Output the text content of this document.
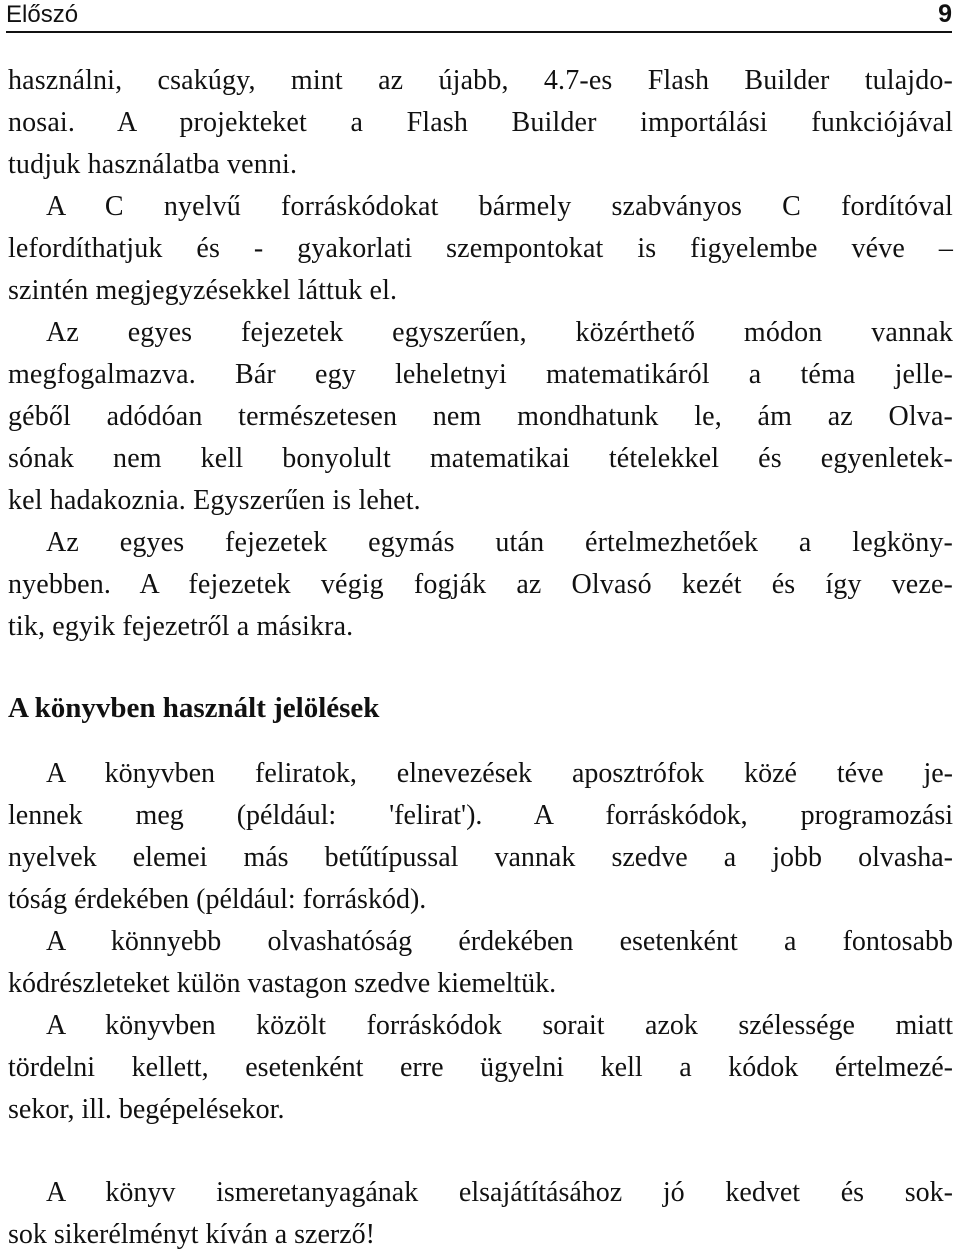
Előszó	9

használni, csakúgy, mint az újabb, 4.7-es Flash Builder tulajdo-
nosai. A projekteket a Flash Builder importálási funkciójával
tudjuk használatba venni.

A C nyelvű forráskódokat bármely szabványos C fordítóval
lefordíthatjuk és - gyakorlati szempontokat is figyelembe véve –
szintén megjegyzésekkel láttuk el.

Az egyes fejezetek egyszerűen, közérthető módon vannak
megfogalmazva. Bár egy leheletnyi matematikáról a téma jelle-
géből adódóan természetesen nem mondhatunk le, ám az Olva-
sónak nem kell bonyolult matematikai tételekkel és egyenletek-
kel hadakoznia. Egyszerűen is lehet.

Az egyes fejezetek egymás után értelmezhetőek a legköny-
nyebben. A fejezetek végig fogják az Olvasó kezét és így veze-
tik, egyik fejezetről a másikra.

A könyvben használt jelölések

A könyvben feliratok, elnevezések aposztrófok közé téve je-
lennek meg (például: 'felirat'). A forráskódok, programozási
nyelvek elemei más betűtípussal vannak szedve a jobb olvasha-
tóság érdekében (például: forráskód).

A könnyebb olvashatóság érdekében esetenként a fontosabb
kódrészleteket külön vastagon szedve kiemeltük.

A könyvben közölt forráskódok sorait azok szélessége miatt
tördelni kellett, esetenként erre ügyelni kell a kódok értelmezé-
sekor, ill. begépelésekor.

A könyv ismeretanyagának elsajátításához jó kedvet és sok-
sok sikerélményt kíván a szerző!
